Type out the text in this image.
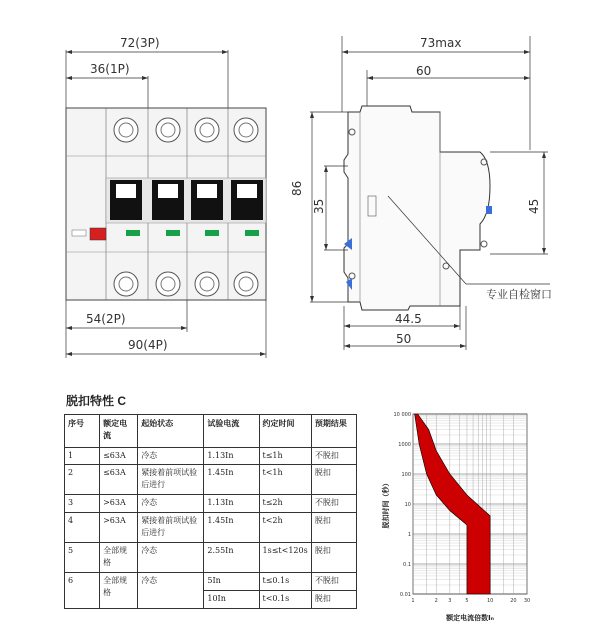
72(3P)
36(1P)
54(2P)
90(4P)
73max
60
86
35	45
专业自检窗口
44.5
50
脱扣特性 C
序号	额定电流	起始状态	试验电流	约定时间	预期结果
1	≤63A	冷态	1.13In	t≤1h	不脱扣
2	≤63A	紧接着前项试验后进行	1.45In	t<1h	脱扣
3	>63A	冷态	1.13In	t≤2h	不脱扣
4	>63A	紧接着前项试验后进行	1.45In	t<2h	脱扣
5	全部规格	冷态	2.55In	1s≤t<120s	脱扣
6	全部规格	冷态	5In	t≤0.1s	不脱扣
			10In	t<0.1s	脱扣
10 000
1000
100
10
1
0.1
0.01
1	2 3	5	10	20 30
脱扣时间（秒）
额定电流倍数Iₙ
